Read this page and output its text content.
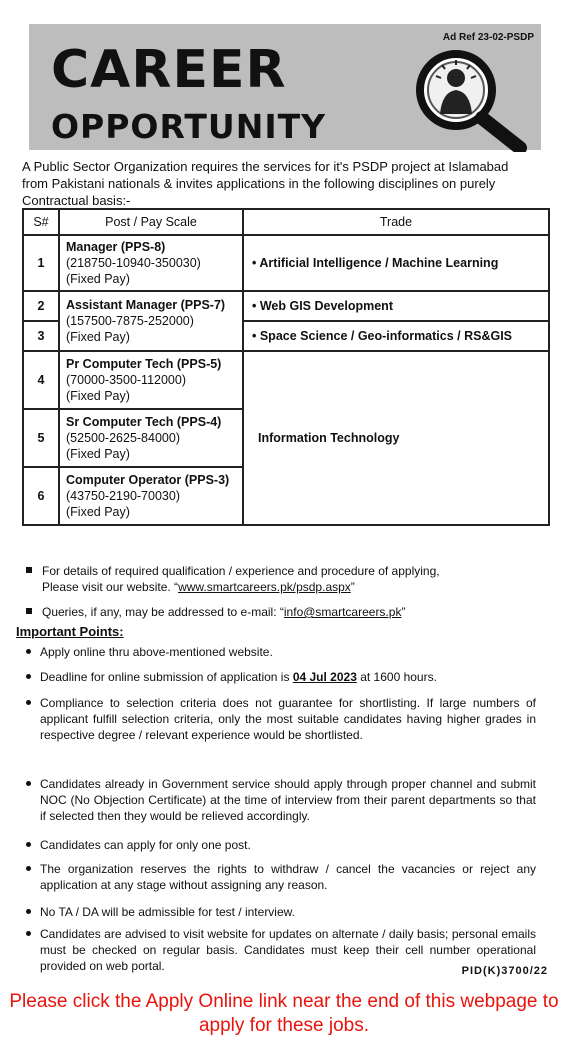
CAREER
OPPORTUNITY
Ad Ref 23-02-PSDP
A Public Sector Organization requires the services for it's PSDP project at Islamabad from Pakistani nationals & invites applications in the following disciplines on purely Contractual basis:-
S#	Post / Pay Scale	Trade
1	Manager (PPS-8)
(218750-10940-350030)
(Fixed Pay)	• Artificial Intelligence / Machine Learning
2	Assistant Manager (PPS-7)
(157500-7875-252000)
(Fixed Pay)	• Web GIS Development
3		• Space Science / Geo-informatics / RS&GIS
4	Pr Computer Tech (PPS-5)
(70000-3500-112000)
(Fixed Pay)	Information Technology
5	Sr Computer Tech (PPS-4)
(52500-2625-84000)
(Fixed Pay)	

6	Computer Operator (PPS-3)
(43750-2190-70030)
(Fixed Pay)	
For details of required qualification / experience and procedure of applying,
Please visit our website. “www.smartcareers.pk/psdp.aspx”
Queries, if any, may be addressed to e-mail: “info@smartcareers.pk”
Important Points:
Apply online thru above-mentioned website.
Deadline for online submission of application is 04 Jul 2023 at 1600 hours.
Compliance to selection criteria does not guarantee for shortlisting. If large numbers of applicant fulfill selection criteria, only the most suitable candidates having higher grades in respective degree / relevant experience would be shortlisted.
Candidates already in Government service should apply through proper channel and submit NOC (No Objection Certificate) at the time of interview from their parent departments so that if selected then they would be relieved accordingly.
Candidates can apply for only one post.
The organization reserves the rights to withdraw / cancel the vacancies or reject any application at any stage without assigning any reason.
No TA / DA will be admissible for test / interview.
Candidates are advised to visit website for updates on alternate / daily basis; personal emails must be checked on regular basis. Candidates must keep their cell number operational provided on web portal.	PID(K)3700/22
Please click the Apply Online link near the end of this webpage to apply for these jobs.
